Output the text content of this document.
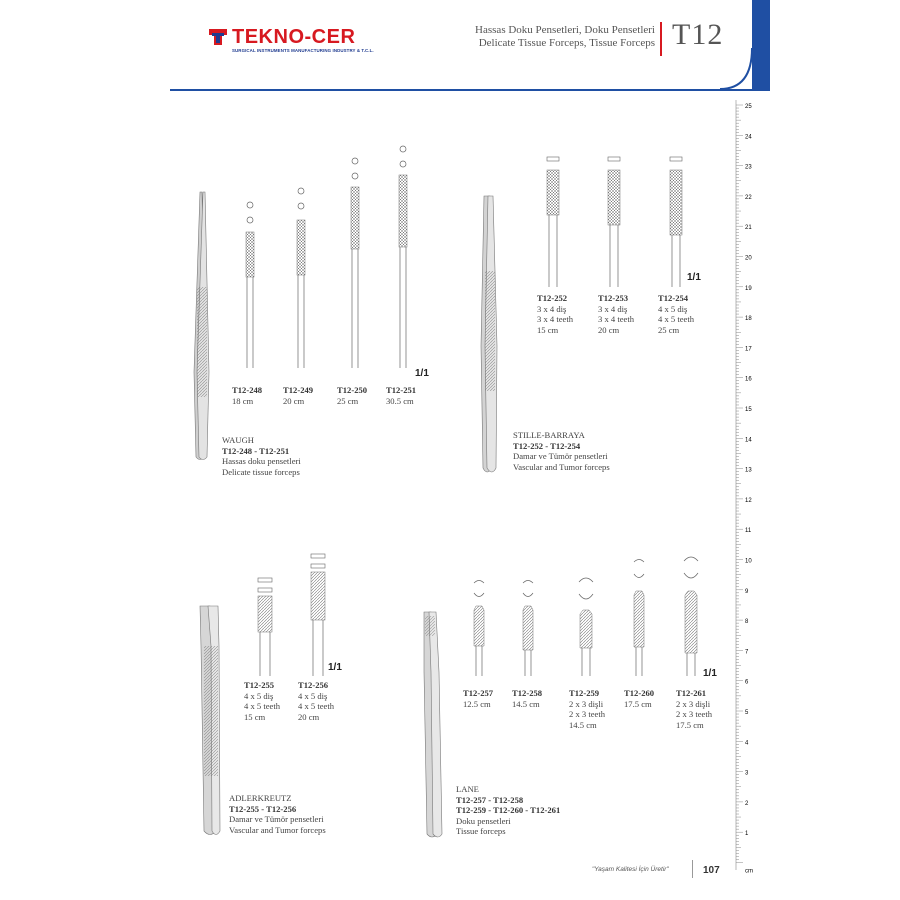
TEKNO-CER
SURGICAL INSTRUMENTS MANUFACTURING INDUSTRY & T.C.L.
Hassas Doku Pensetleri, Doku Pensetleri
Delicate Tissue Forceps, Tissue Forceps T12
25
24
23
22
21
20
19
18
17
16
15
14
13
12
11
10
9
8
7
6
5
4
3
2
1
cm
1/1
T12-248
18 cm
T12-249
20 cm
T12-250
25 cm
T12-251
30.5 cm
WAUGH
T12-248 - T12-251
Hassas doku pensetleri
Delicate tissue forceps
1/1
T12-252
3 x 4 diş
3 x 4 teeth
15 cm
T12-253
3 x 4 diş
3 x 4 teeth
20 cm
T12-254
4 x 5 diş
4 x 5 teeth
25 cm
STILLE-BARRAYA
T12-252 - T12-254
Damar ve Tümör pensetleri
Vascular and Tumor forceps
1/1
T12-255
4 x 5 diş
4 x 5 teeth
15 cm
T12-256
4 x 5 diş
4 x 5 teeth
20 cm
ADLERKREUTZ
T12-255 - T12-256
Damar ve Tümör pensetleri
Vascular and Tumor forceps
1/1
T12-257
12.5 cm
T12-258
14.5 cm
T12-259
2 x 3 dişli
2 x 3 teeth
14.5 cm
T12-260
17.5 cm
T12-261
2 x 3 dişli
2 x 3 teeth
17.5 cm
LANE
T12-257 - T12-258
T12-259 - T12-260 - T12-261
Doku pensetleri
Tissue forceps
"Yaşam Kalitesi İçin Üretir"	107
